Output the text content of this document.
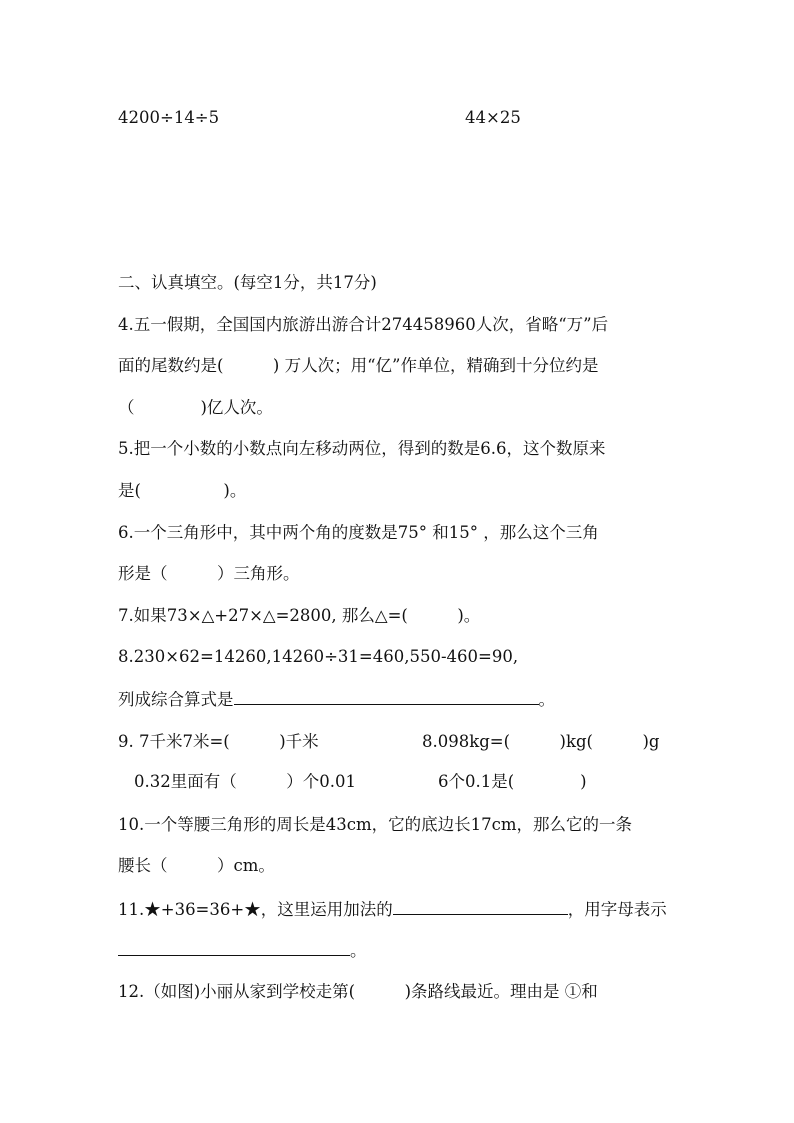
4200÷14÷5	44×25
二、认真填空。(每空1分，共17分)
4.五一假期，全国国内旅游出游合计274458960人次，省略“万”后
面的尾数约是(　　　) 万人次；用“亿”作单位，精确到十分位约是
（　　　　)亿人次。
5.把一个小数的小数点向左移动两位，得到的数是6.6，这个数原来
是(　　　　　)。
6.一个三角形中，其中两个角的度数是75° 和15° ，那么这个三角
形是（　　　）三角形。
7.如果73×△+27×△=2800, 那么△=(　　　)。
8.230×62=14260,14260÷31=460,550-460=90,
列成综合算式是	。
9. 7千米7米=(　　　)千米	8.098kg=(　　　)kg(　　　)g
0.32里面有（　　　）个0.01	6个0.1是(　　　　)
10.一个等腰三角形的周长是43cm，它的底边长17cm，那么它的一条
腰长（　　　）cm。
11.★+36=36+★，这里运用加法的	，用字母表示
。
12.（如图)小丽从家到学校走第(　　　)条路线最近。理由是 ①和
